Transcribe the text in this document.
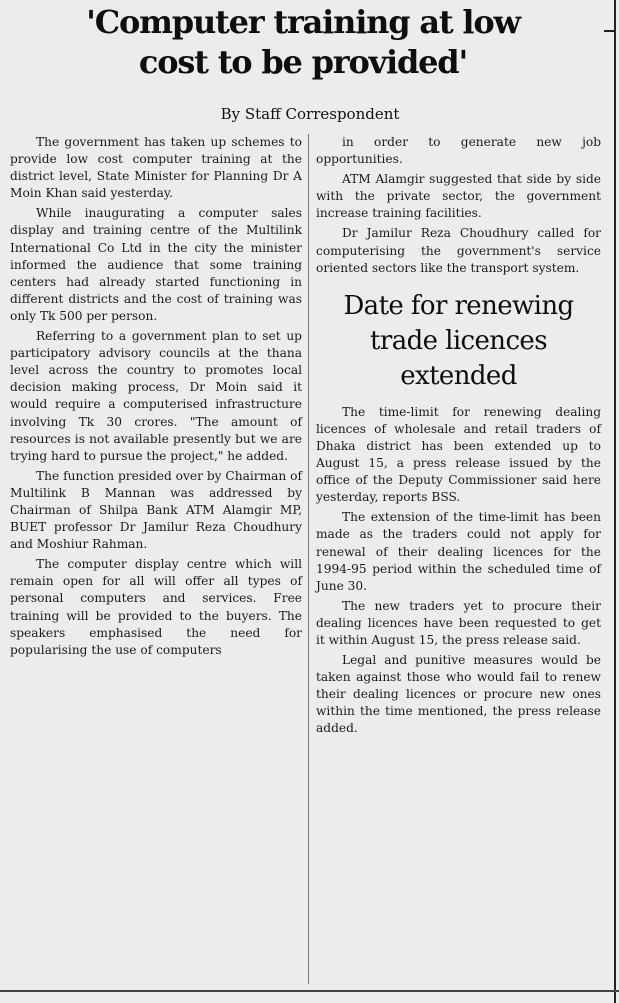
'Computer training at low
cost to be provided'
By Staff Correspondent

The government has taken up schemes to provide low cost computer training at the district level, State Minister for Planning Dr A Moin Khan said yesterday.

While inaugurating a computer sales display and training centre of the Multilink International Co Ltd in the city the minister informed the audience that some training centers had already started functioning in different districts and the cost of training was only Tk 500 per person.

Referring to a government plan to set up participatory advisory councils at the thana level across the country to promotes local decision making process, Dr Moin said it would require a computerised infrastructure involving Tk 30 crores. "The amount of resources is not available presently but we are trying hard to pursue the project," he added.

The function presided over by Chairman of Multilink B Mannan was addressed by Chairman of Shilpa Bank ATM Alamgir MP, BUET professor Dr Jamilur Reza Choudhury and Moshiur Rahman.

The computer display centre which will remain open for all will offer all types of personal computers and services. Free training will be provided to the buyers. The speakers emphasised the need for popularising the use of computers

in order to generate new job opportunities.

ATM Alamgir suggested that side by side with the private sector, the government increase training facilities.

Dr Jamilur Reza Choudhury called for computerising the government's service oriented sectors like the transport system.

Date for renewing
trade licences
extended

The time-limit for renewing dealing licences of wholesale and retail traders of Dhaka district has been extended up to August 15, a press release issued by the office of the Deputy Commissioner said here yesterday, reports BSS.

The extension of the time-limit has been made as the traders could not apply for renewal of their dealing licences for the 1994-95 period within the scheduled time of June 30.

The new traders yet to procure their dealing licences have been requested to get it within August 15, the press release said.

Legal and punitive measures would be taken against those who would fail to renew their dealing licences or procure new ones within the time mentioned, the press release added.
